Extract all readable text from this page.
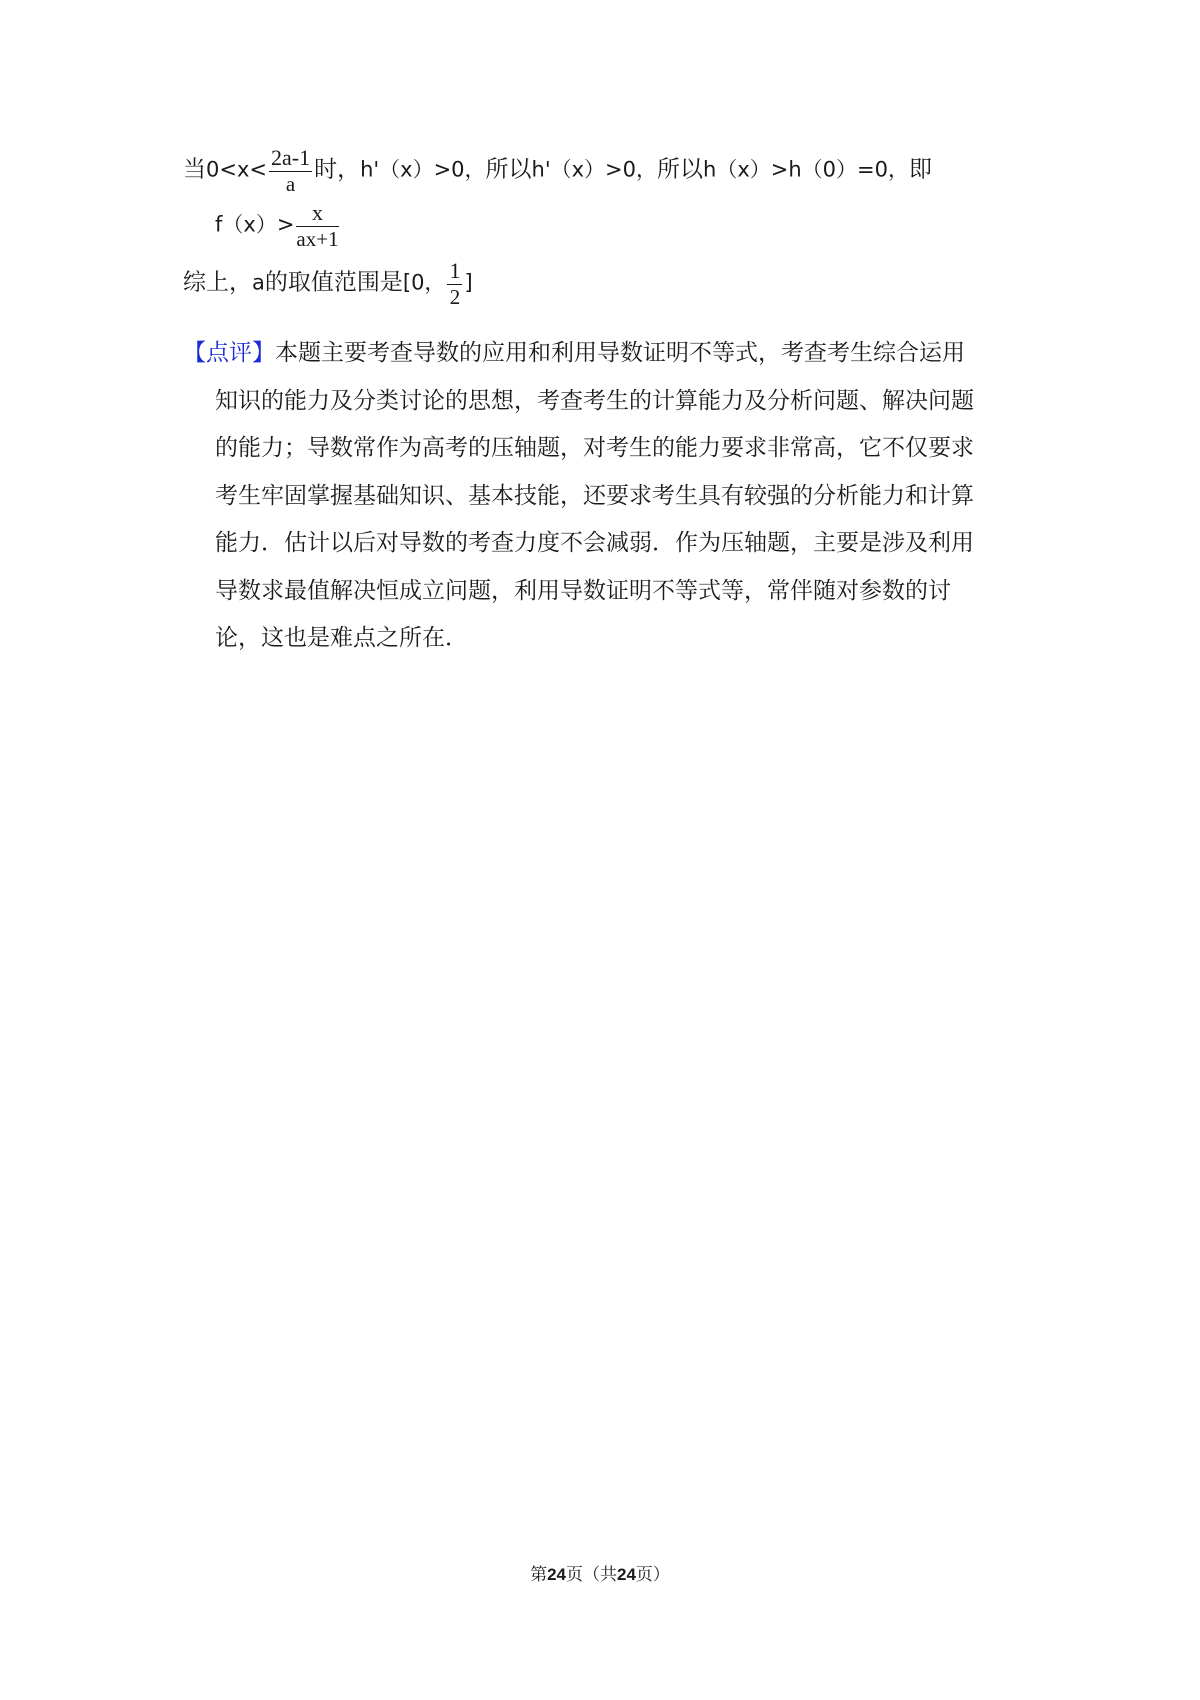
当$0<x< \frac{2a-1}{a}$ 时，h'（x）>0，所以h'（x）>0，所以h（x）>h（0）=0，即
$f(x)> \frac{x}{ax+1}$
综上，a的取值范围是[0， $\frac{1}{2}$ ]
【点评】本题主要考查导数的应用和利用导数证明不等式，考查考生综合运用
知识的能力及分类讨论的思想，考查考生的计算能力及分析问题、解决问题
的能力；导数常作为高考的压轴题，对考生的能力要求非常高，它不仅要求
考生牢固掌握基础知识、基本技能，还要求考生具有较强的分析能力和计算
能力．估计以后对导数的考查力度不会减弱．作为压轴题，主要是涉及利用
导数求最值解决恒成立问题，利用导数证明不等式等，常伴随对参数的讨
论，这也是难点之所在．
第24页（共24页）
